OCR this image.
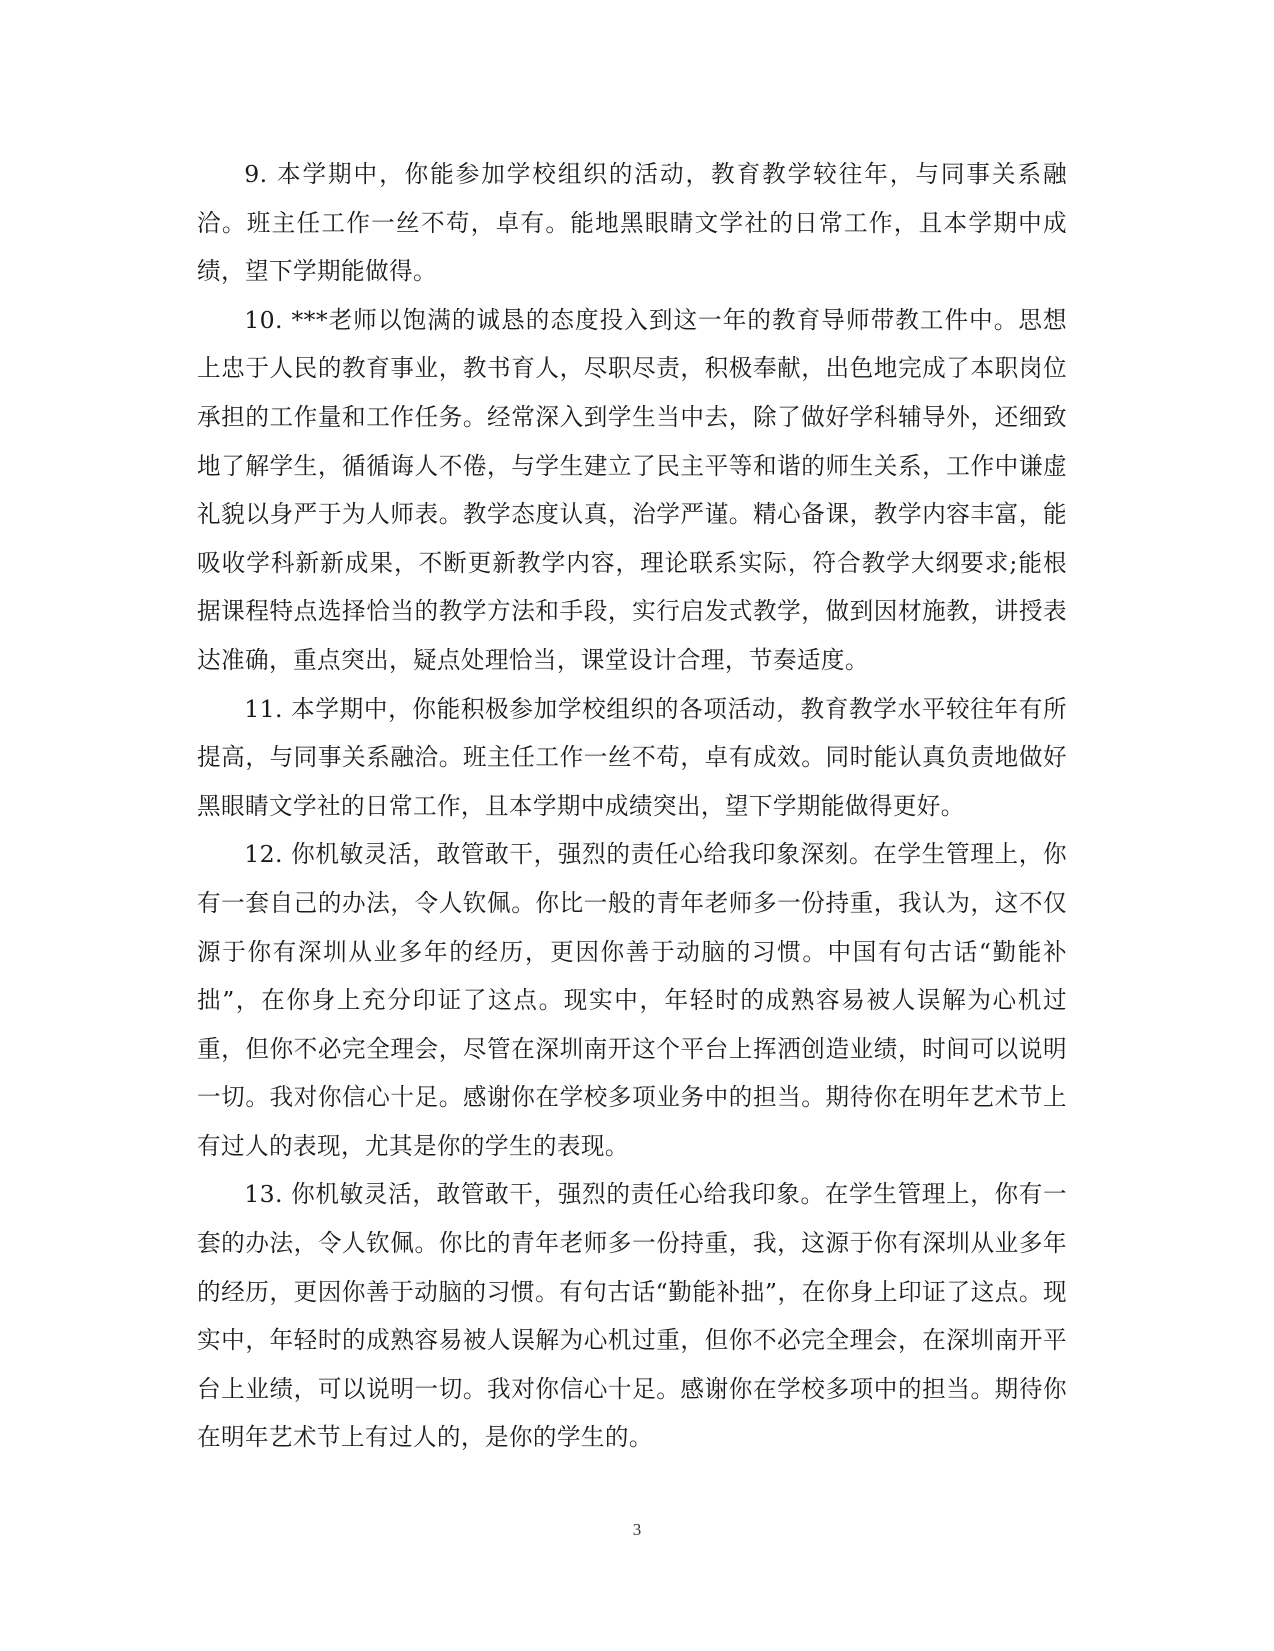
9. 本学期中，你能参加学校组织的活动，教育教学较往年，与同事关系融洽。班主任工作一丝不苟，卓有。能地黑眼睛文学社的日常工作，且本学期中成绩，望下学期能做得。

10. ***老师以饱满的诚恳的态度投入到这一年的教育导师带教工件中。思想上忠于人民的教育事业，教书育人，尽职尽责，积极奉献，出色地完成了本职岗位承担的工作量和工作任务。经常深入到学生当中去，除了做好学科辅导外，还细致地了解学生，循循诲人不倦，与学生建立了民主平等和谐的师生关系，工作中谦虚礼貌以身严于为人师表。教学态度认真，治学严谨。精心备课，教学内容丰富，能吸收学科新新成果，不断更新教学内容，理论联系实际，符合教学大纲要求;能根据课程特点选择恰当的教学方法和手段，实行启发式教学，做到因材施教，讲授表达准确，重点突出，疑点处理恰当，课堂设计合理，节奏适度。

11. 本学期中，你能积极参加学校组织的各项活动，教育教学水平较往年有所提高，与同事关系融洽。班主任工作一丝不苟，卓有成效。同时能认真负责地做好黑眼睛文学社的日常工作，且本学期中成绩突出，望下学期能做得更好。

12. 你机敏灵活，敢管敢干，强烈的责任心给我印象深刻。在学生管理上，你有一套自己的办法，令人钦佩。你比一般的青年老师多一份持重，我认为，这不仅源于你有深圳从业多年的经历，更因你善于动脑的习惯。中国有句古话“勤能补拙”，在你身上充分印证了这点。现实中，年轻时的成熟容易被人误解为心机过重，但你不必完全理会，尽管在深圳南开这个平台上挥洒创造业绩，时间可以说明一切。我对你信心十足。感谢你在学校多项业务中的担当。期待你在明年艺术节上有过人的表现，尤其是你的学生的表现。

13. 你机敏灵活，敢管敢干，强烈的责任心给我印象。在学生管理上，你有一套的办法，令人钦佩。你比的青年老师多一份持重，我，这源于你有深圳从业多年的经历，更因你善于动脑的习惯。有句古话“勤能补拙”，在你身上印证了这点。现实中，年轻时的成熟容易被人误解为心机过重，但你不必完全理会，在深圳南开平台上业绩，可以说明一切。我对你信心十足。感谢你在学校多项中的担当。期待你在明年艺术节上有过人的，是你的学生的。

3
